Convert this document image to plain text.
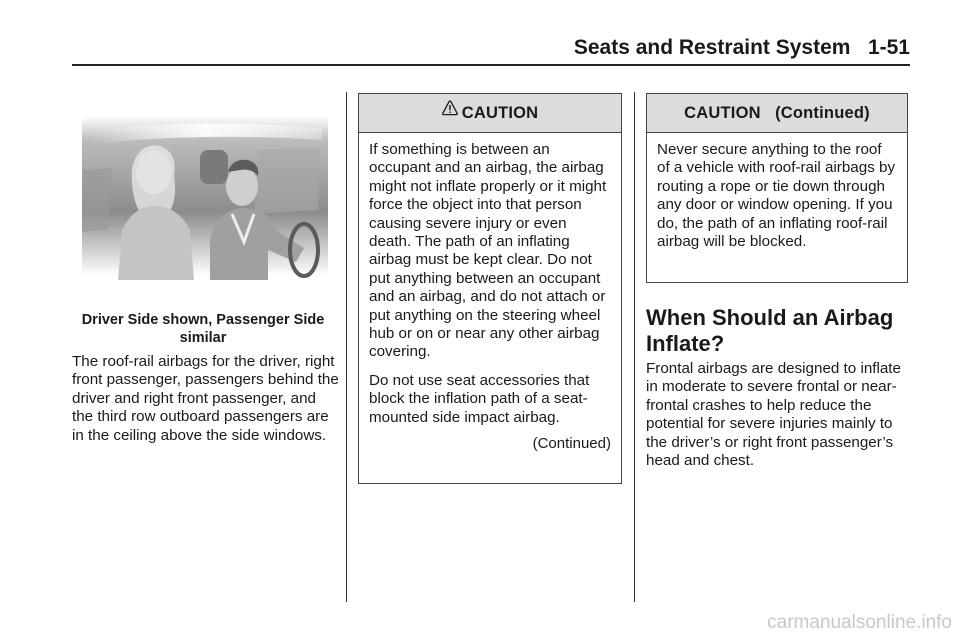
Seats and Restraint System   1-51
Driver Side shown, Passenger Side similar

The roof-rail airbags for the driver, right front passenger, passengers behind the driver and right front passenger, and the third row outboard passengers are in the ceiling above the side windows.

CAUTION

If something is between an occupant and an airbag, the airbag might not inflate properly or it might force the object into that person causing severe injury or even death. The path of an inflating airbag must be kept clear. Do not put anything between an occupant and an airbag, and do not attach or put anything on the steering wheel hub or on or near any other airbag covering.

Do not use seat accessories that block the inflation path of a seat-mounted side impact airbag.

(Continued)
CAUTION   (Continued)

Never secure anything to the roof of a vehicle with roof-rail airbags by routing a rope or tie down through any door or window opening. If you do, the path of an inflating roof-rail airbag will be blocked.

When Should an Airbag Inflate?

Frontal airbags are designed to inflate in moderate to severe frontal or near-frontal crashes to help reduce the potential for severe injuries mainly to the driver’s or right front passenger’s head and chest.

carmanualsonline.info
